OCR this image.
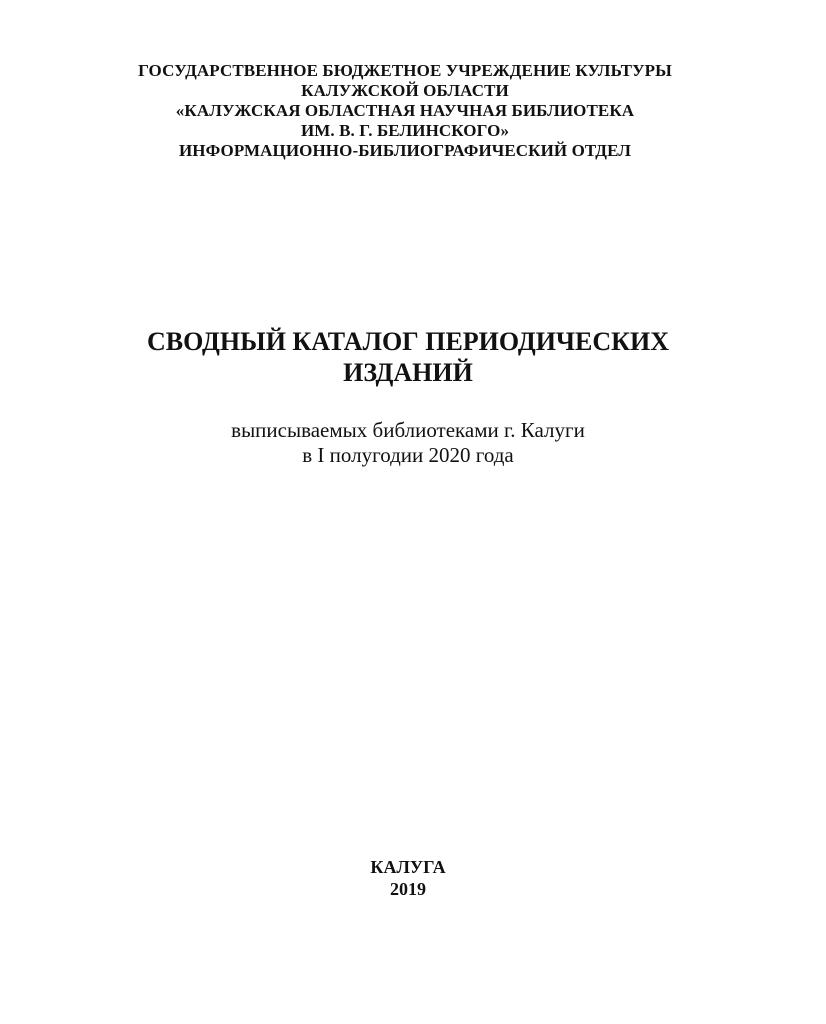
ГОСУДАРСТВЕННОЕ БЮДЖЕТНОЕ УЧРЕЖДЕНИЕ КУЛЬТУРЫ
КАЛУЖСКОЙ ОБЛАСТИ
«КАЛУЖСКАЯ ОБЛАСТНАЯ НАУЧНАЯ БИБЛИОТЕКА
ИМ. В. Г. БЕЛИНСКОГО»
ИНФОРМАЦИОННО-БИБЛИОГРАФИЧЕСКИЙ ОТДЕЛ
СВОДНЫЙ КАТАЛОГ ПЕРИОДИЧЕСКИХ
ИЗДАНИЙ
выписываемых библиотеками г. Калуги
в I полугодии 2020 года
КАЛУГА
2019
